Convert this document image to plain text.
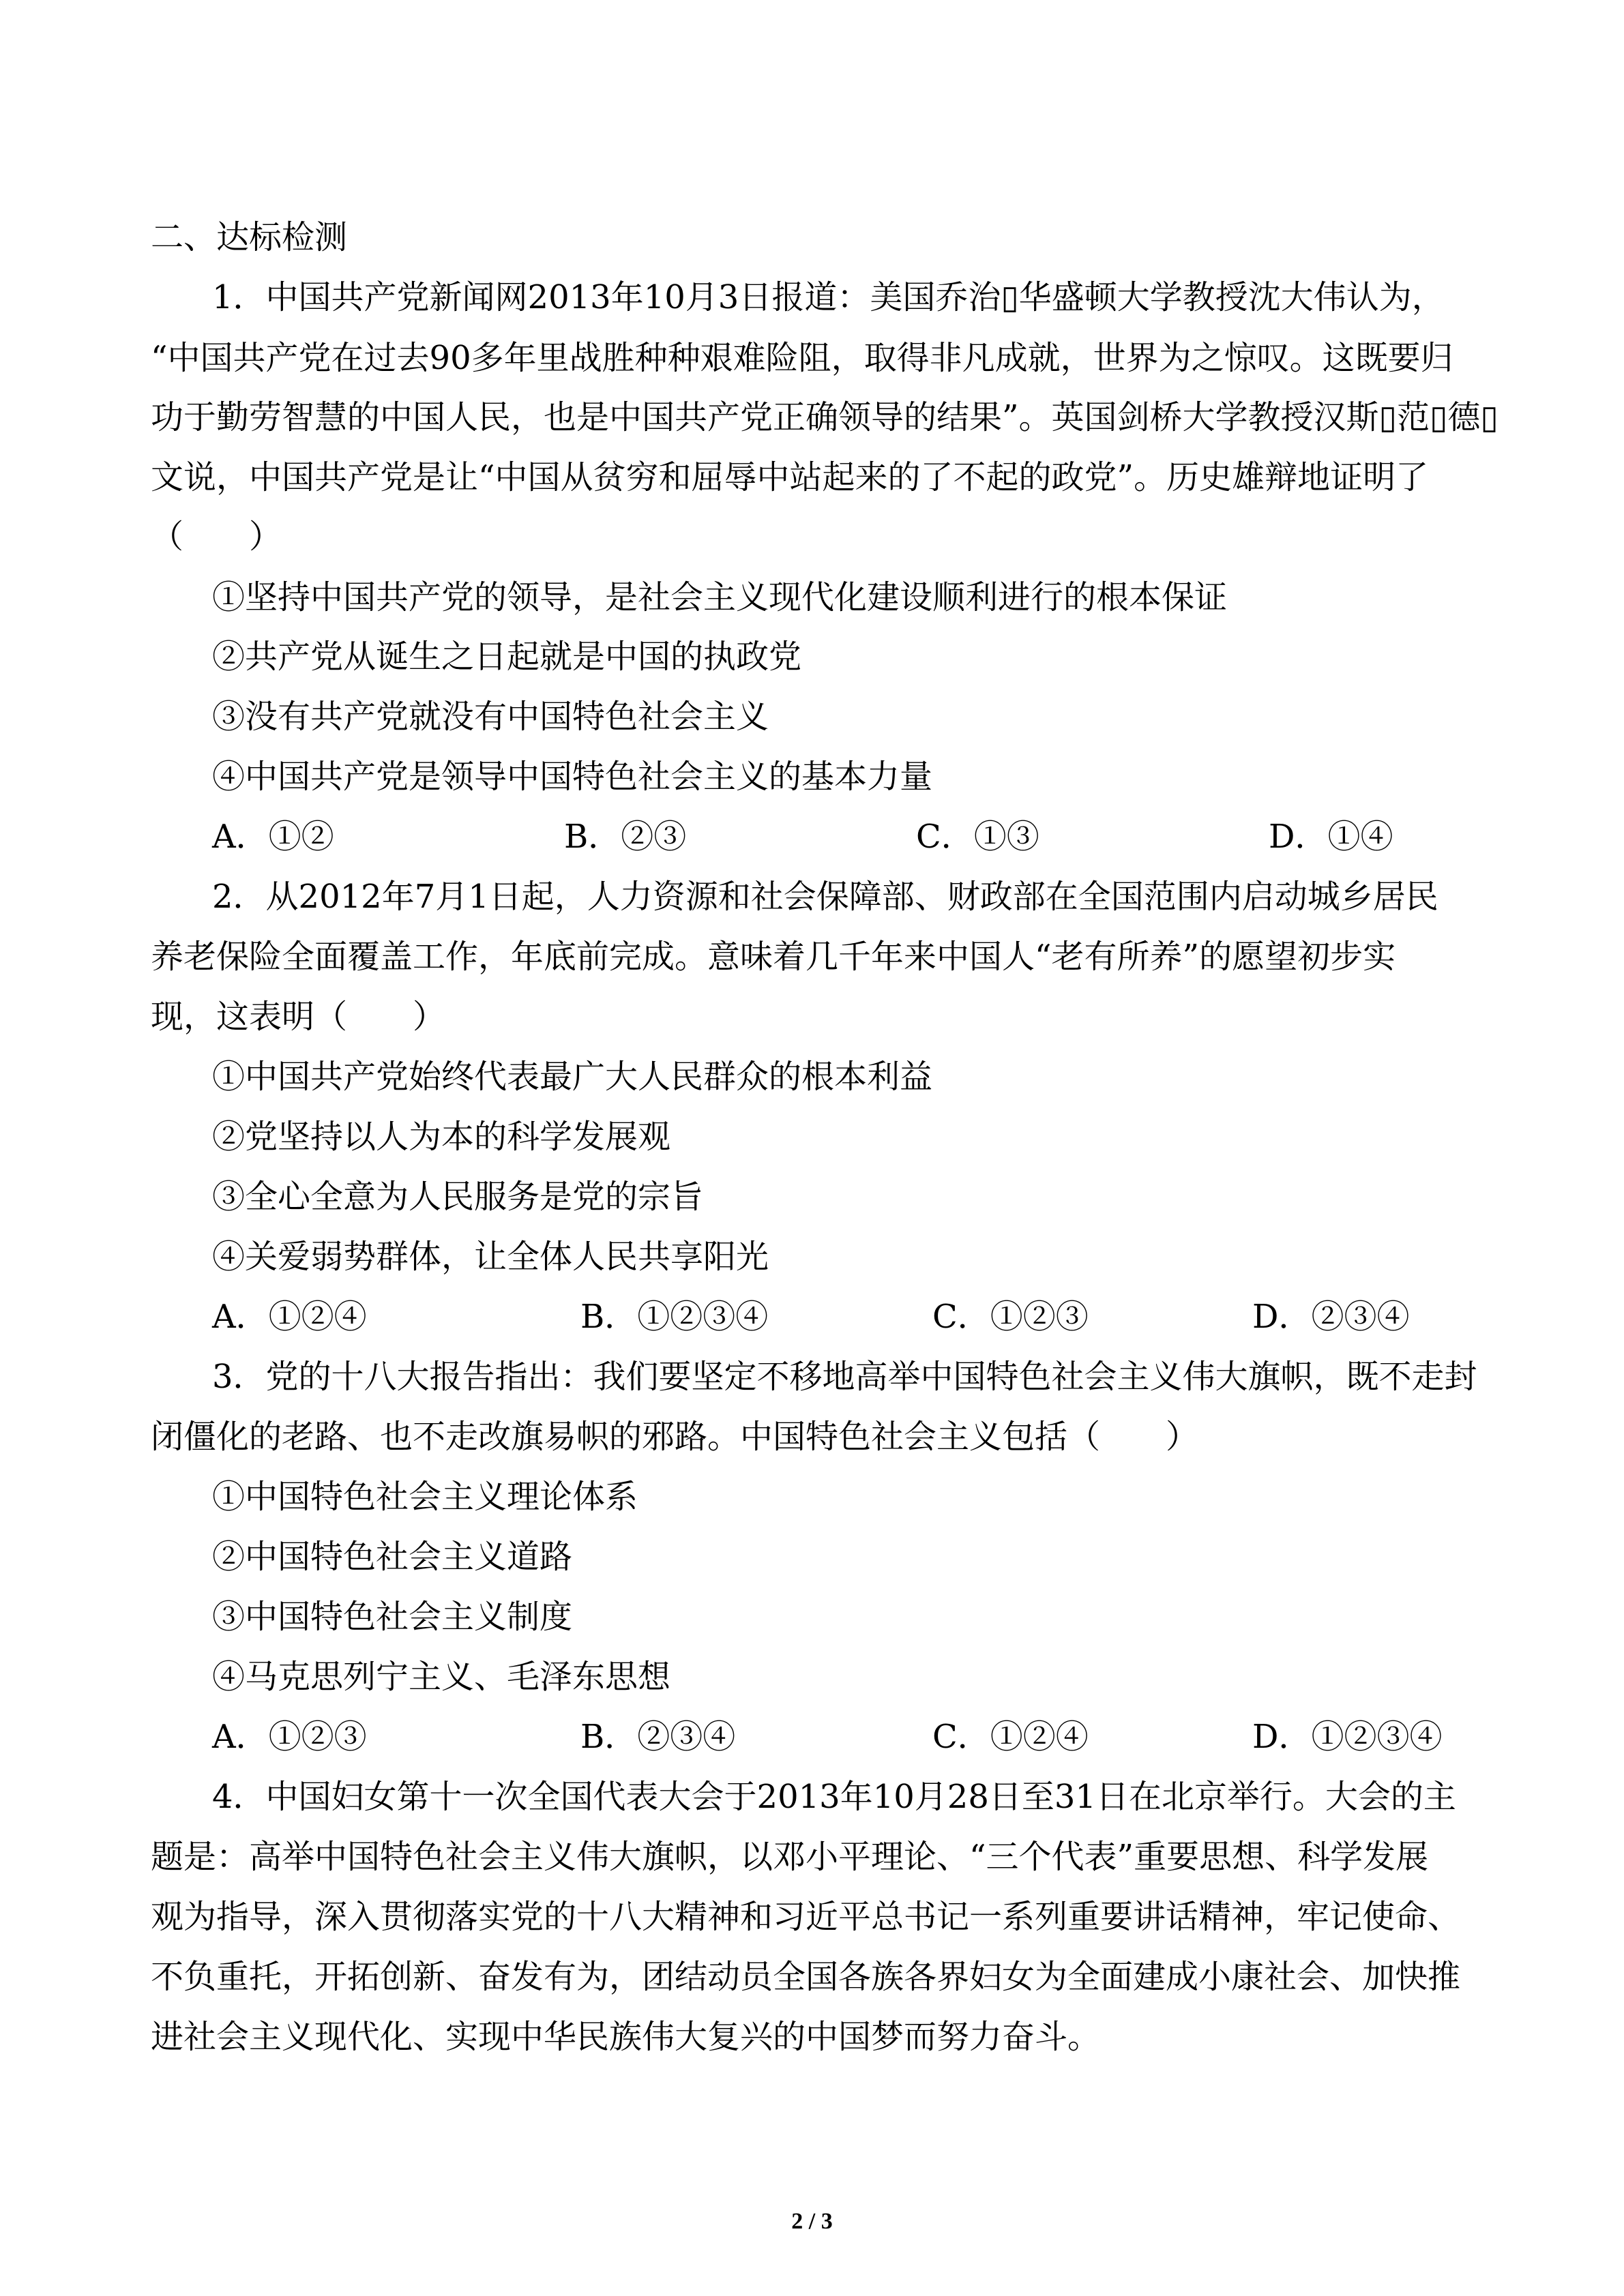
二、达标检测
1．中国共产党新闻网2013年10月3日报道：美国乔治▯华盛顿大学教授沈大伟认为，
“中国共产党在过去90多年里战胜种种艰难险阻，取得非凡成就，世界为之惊叹。这既要归
功于勤劳智慧的中国人民，也是中国共产党正确领导的结果”。英国剑桥大学教授汉斯▯范▯德▯
文说，中国共产党是让“中国从贫穷和屈辱中站起来的了不起的政党”。历史雄辩地证明了
（　　）
①坚持中国共产党的领导，是社会主义现代化建设顺利进行的根本保证
②共产党从诞生之日起就是中国的执政党
③没有共产党就没有中国特色社会主义
④中国共产党是领导中国特色社会主义的基本力量
A．①②	B．②③	C．①③	D．①④
2．从2012年7月1日起，人力资源和社会保障部、财政部在全国范围内启动城乡居民
养老保险全面覆盖工作，年底前完成。意味着几千年来中国人“老有所养”的愿望初步实
现，这表明（　　）
①中国共产党始终代表最广大人民群众的根本利益
②党坚持以人为本的科学发展观
③全心全意为人民服务是党的宗旨
④关爱弱势群体，让全体人民共享阳光
A．①②④	B．①②③④	C．①②③	D．②③④
3．党的十八大报告指出：我们要坚定不移地高举中国特色社会主义伟大旗帜，既不走封
闭僵化的老路、也不走改旗易帜的邪路。中国特色社会主义包括（　　）
①中国特色社会主义理论体系
②中国特色社会主义道路
③中国特色社会主义制度
④马克思列宁主义、毛泽东思想
A．①②③	B．②③④	C．①②④	D．①②③④
4．中国妇女第十一次全国代表大会于2013年10月28日至31日在北京举行。大会的主
题是：高举中国特色社会主义伟大旗帜，以邓小平理论、“三个代表”重要思想、科学发展
观为指导，深入贯彻落实党的十八大精神和习近平总书记一系列重要讲话精神，牢记使命、
不负重托，开拓创新、奋发有为，团结动员全国各族各界妇女为全面建成小康社会、加快推
进社会主义现代化、实现中华民族伟大复兴的中国梦而努力奋斗。
2 / 3
